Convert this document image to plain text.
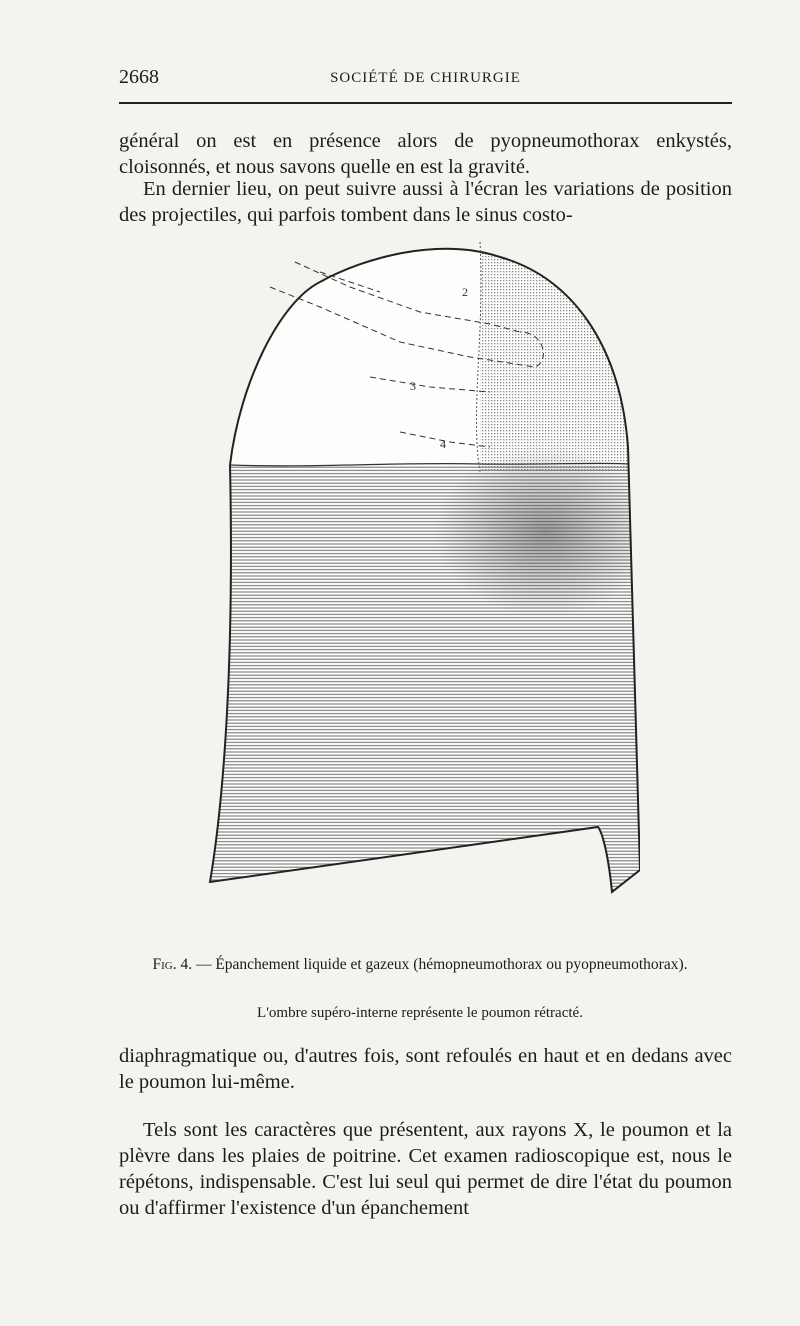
2668	SOCIÉTÉ DE CHIRURGIE

général on est en présence alors de pyopneumothorax enkystés, cloisonnés, et nous savons quelle en est la gravité.

En dernier lieu, on peut suivre aussi à l'écran les variations de position des projectiles, qui parfois tombent dans le sinus costo-

2
3
4
Fig. 4. — Épanchement liquide et gazeux (hémopneumothorax ou pyopneumothorax).
L'ombre supéro-interne représente le poumon rétracté.

diaphragmatique ou, d'autres fois, sont refoulés en haut et en dedans avec le poumon lui-même.

Tels sont les caractères que présentent, aux rayons X, le poumon et la plèvre dans les plaies de poitrine. Cet examen radioscopique est, nous le répétons, indispensable. C'est lui seul qui permet de dire l'état du poumon ou d'affirmer l'existence d'un épanchement
